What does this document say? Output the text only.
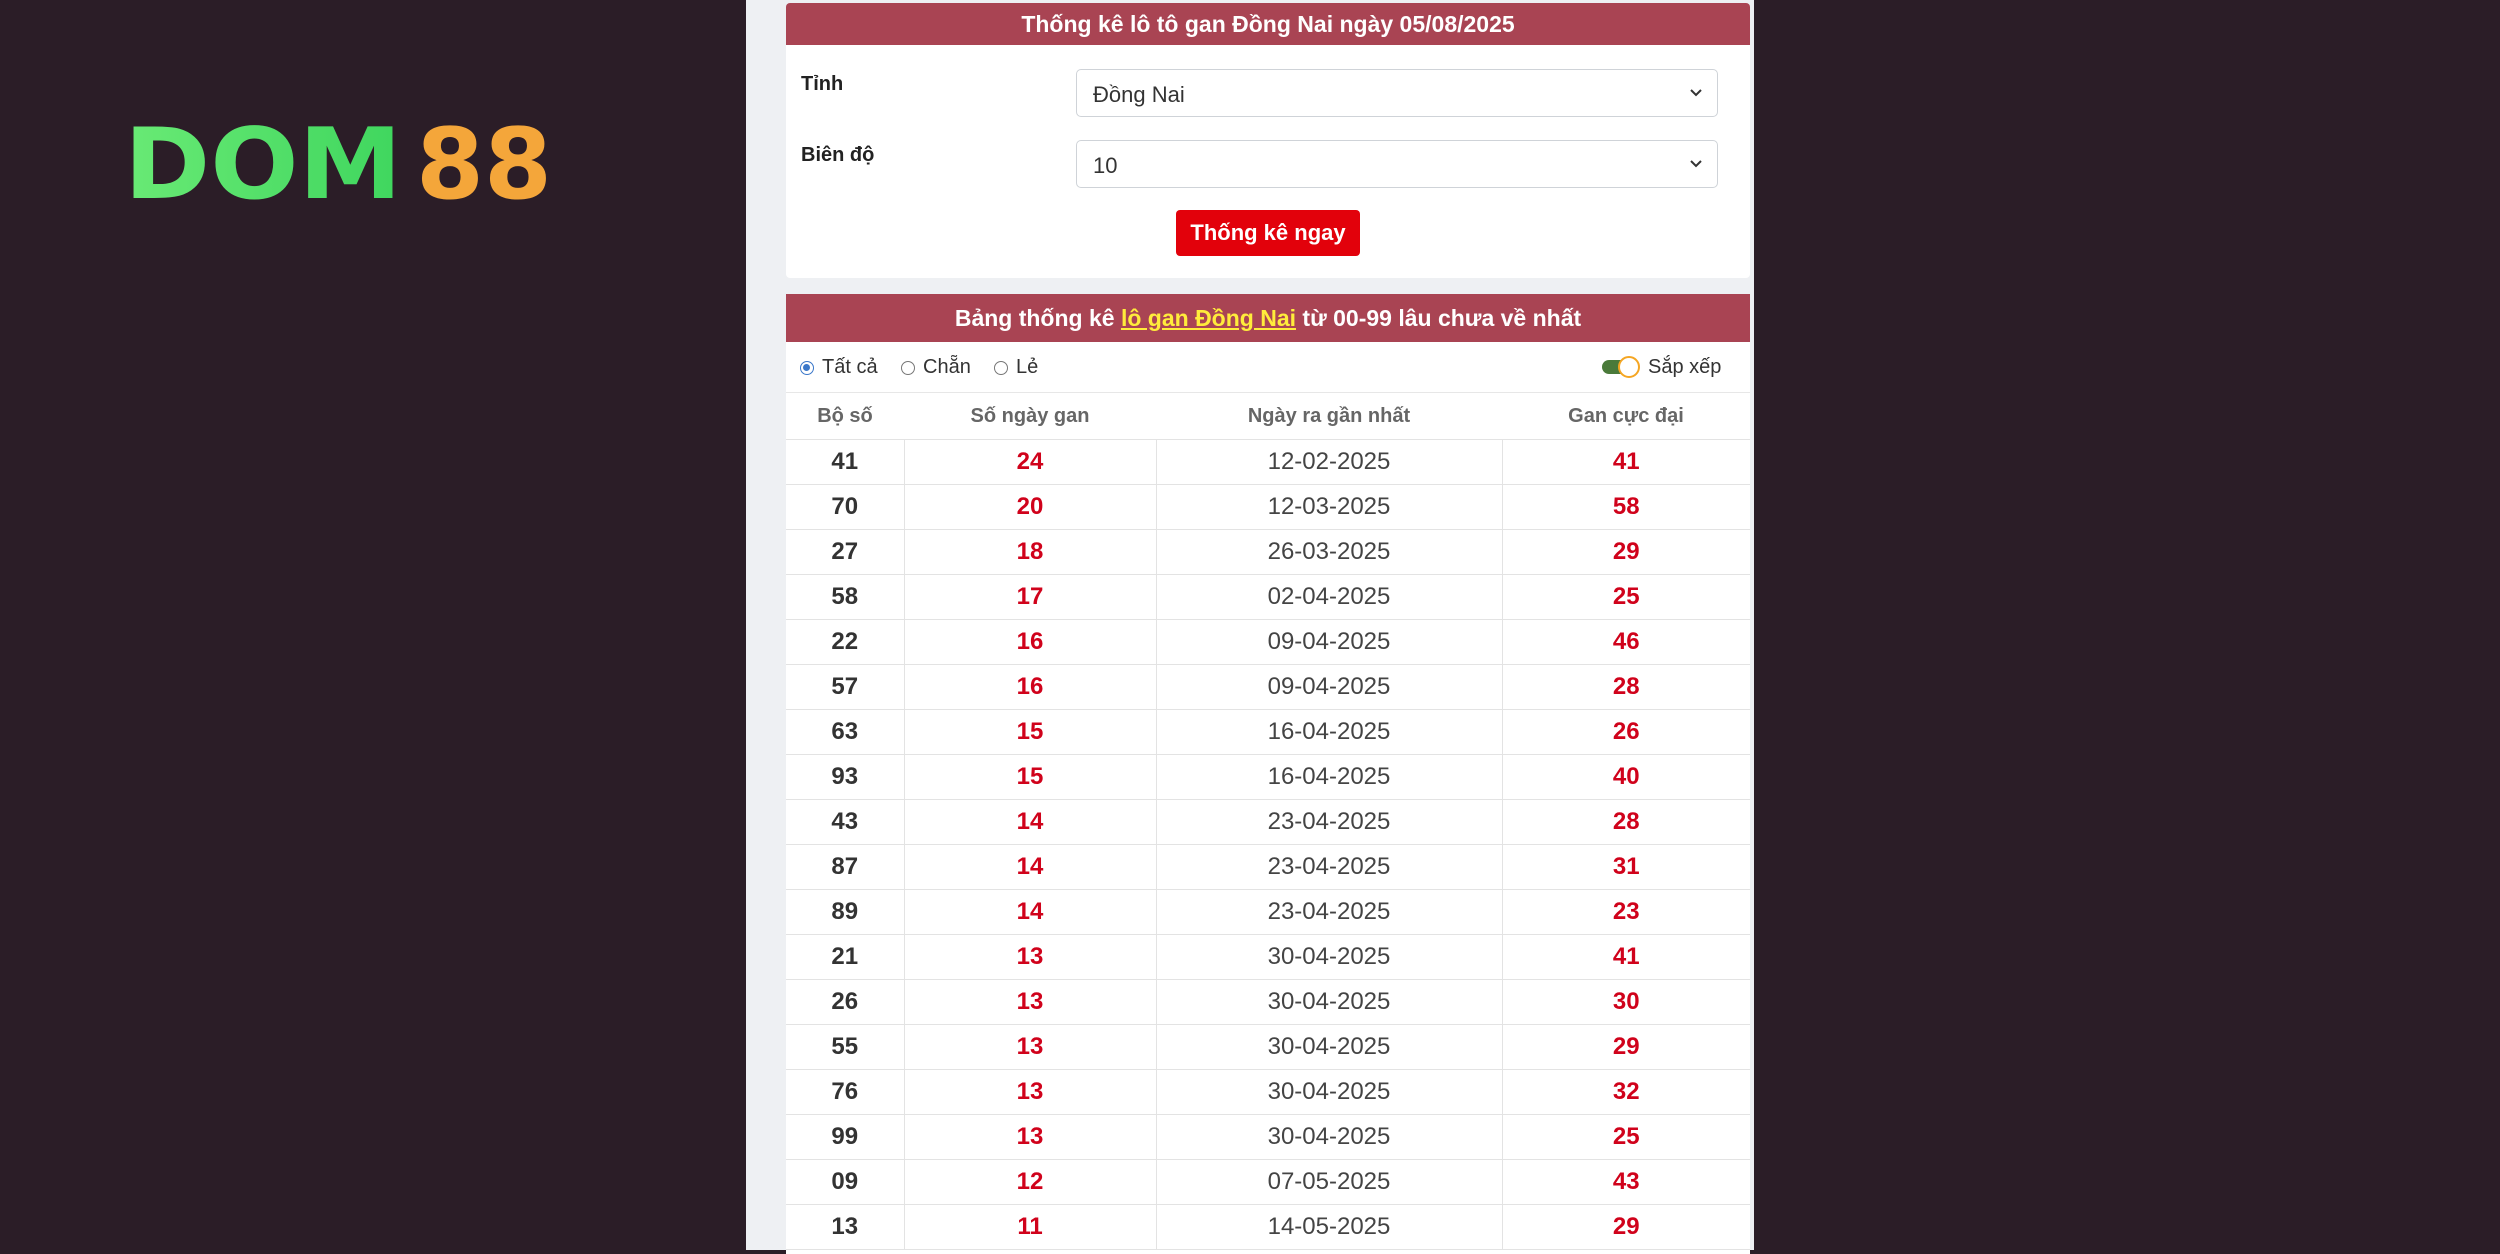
DOM 88
Thống kê lô tô gan Đồng Nai ngày 05/08/2025
Tỉnh	Đồng Nai
Biên độ	10
Thống kê ngay
Bảng thống kê lô gan Đồng Nai từ 00-99 lâu chưa về nhất
Tất cả Chẵn Lẻ	Sắp xếp
Bộ số	Số ngày gan	Ngày ra gần nhất	Gan cực đại
41	24	12-02-2025	41
70	20	12-03-2025	58
27	18	26-03-2025	29
58	17	02-04-2025	25
22	16	09-04-2025	46
57	16	09-04-2025	28
63	15	16-04-2025	26
93	15	16-04-2025	40
43	14	23-04-2025	28
87	14	23-04-2025	31
89	14	23-04-2025	23
21	13	30-04-2025	41
26	13	30-04-2025	30
55	13	30-04-2025	29
76	13	30-04-2025	32
99	13	30-04-2025	25
09	12	07-05-2025	43
13	11	14-05-2025	29
